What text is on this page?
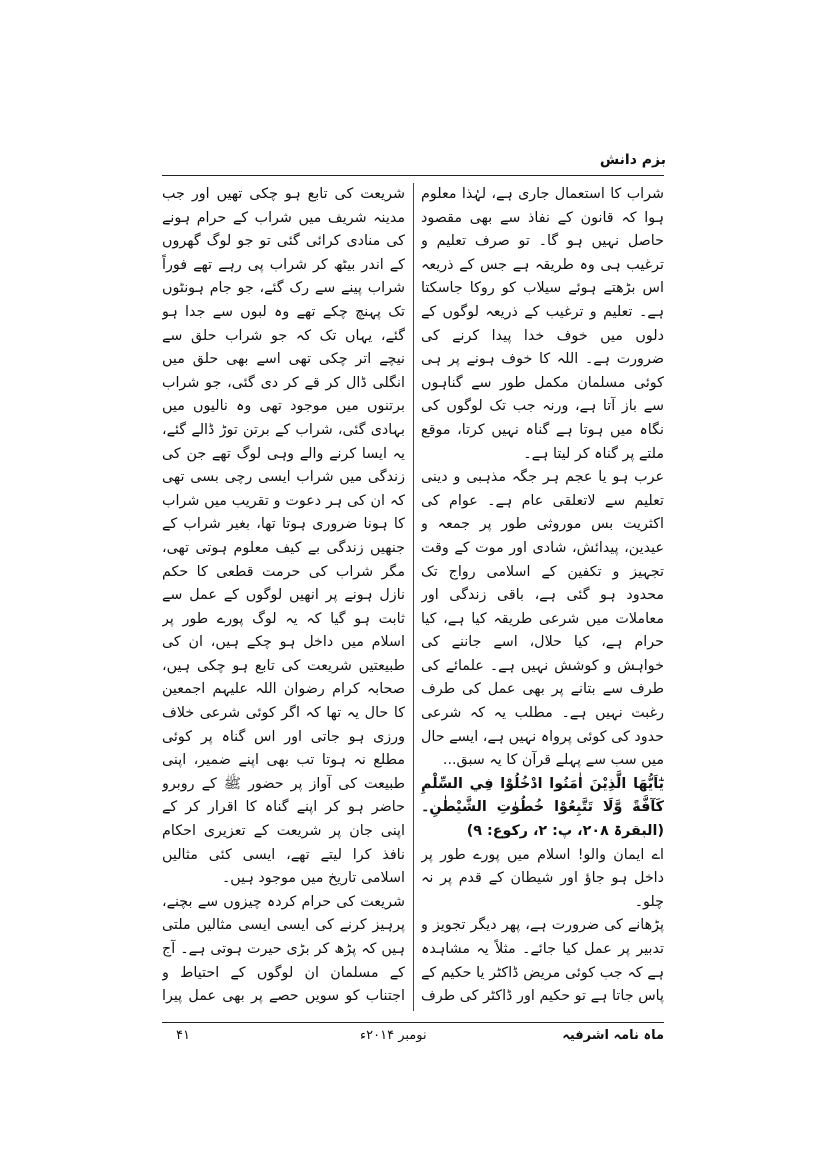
بزم دانش

شراب کا استعمال جاری ہے، لہٰذا معلوم ہوا کہ قانون کے نفاذ سے بھی مقصود حاصل نہیں ہو گا۔ تو صرف تعلیم و ترغیب ہی وہ طریقہ ہے جس کے ذریعہ اس بڑھتے ہوئے سیلاب کو روکا جاسکتا ہے۔ تعلیم و ترغیب کے ذریعہ لوگوں کے دلوں میں خوف خدا پیدا کرنے کی ضرورت ہے۔ اللہ کا خوف ہونے پر ہی کوئی مسلمان مکمل طور سے گناہوں سے باز آتا ہے، ورنہ جب تک لوگوں کی نگاہ میں ہوتا ہے گناہ نہیں کرتا، موقع ملتے پر گناہ کر لیتا ہے۔

عرب ہو یا عجم ہر جگہ مذہبی و دینی تعلیم سے لاتعلقی عام ہے۔ عوام کی اکثریت بس موروثی طور پر جمعہ و عیدین، پیدائش، شادی اور موت کے وقت تجہیز و تکفین کے اسلامی رواج تک محدود ہو گئی ہے، باقی زندگی اور معاملات میں شرعی طریقہ کیا ہے، کیا حرام ہے، کیا حلال، اسے جاننے کی خواہش و کوشش نہیں ہے۔ علمائے کی طرف سے بتانے پر بھی عمل کی طرف رغبت نہیں ہے۔ مطلب یہ کہ شرعی حدود کی کوئی پرواہ نہیں ہے، ایسے حال میں سب سے پہلے قرآن کا یہ سبق...

يٰٓاَيُّهَا الَّذِيْنَ اٰمَنُوا ادْخُلُوْا فِي السِّلْمِ كَآفَّةً وَّلَا تَتَّبِعُوْا خُطُوٰتِ الشَّيْطٰنِ۔ (البقرۃ ۲۰۸، پ: ۲، رکوع: ۹)

اے ایمان والو! اسلام میں پورے طور پر داخل ہو جاؤ اور شیطان کے قدم پر نہ چلو۔

پڑھانے کی ضرورت ہے، پھر دیگر تجویز و تدبیر پر عمل کیا جائے۔ مثلاً یہ مشاہدہ ہے کہ جب کوئی مریض ڈاکٹر یا حکیم کے پاس جاتا ہے تو حکیم اور ڈاکٹر کی طرف

شریعت کی تابع ہو چکی تھیں اور جب مدینہ شریف میں شراب کے حرام ہونے کی منادی کرائی گئی تو جو لوگ گھروں کے اندر بیٹھ کر شراب پی رہے تھے فوراً شراب پینے سے رک گئے، جو جام ہونٹوں تک پہنچ چکے تھے وہ لبوں سے جدا ہو گئے، یہاں تک کہ جو شراب حلق سے نیچے اتر چکی تھی اسے بھی حلق میں انگلی ڈال کر قے کر دی گئی، جو شراب برتنوں میں موجود تھی وہ نالیوں میں بہادی گئی، شراب کے برتن توڑ ڈالے گئے، یہ ایسا کرنے والے وہی لوگ تھے جن کی زندگی میں شراب ایسی رچی بسی تھی کہ ان کی ہر دعوت و تقریب میں شراب کا ہونا ضروری ہوتا تھا، بغیر شراب کے جنھیں زندگی بے کیف معلوم ہوتی تھی، مگر شراب کی حرمت قطعی کا حکم نازل ہونے پر انھیں لوگوں کے عمل سے ثابت ہو گیا کہ یہ لوگ پورے طور پر اسلام میں داخل ہو چکے ہیں، ان کی طبیعتیں شریعت کی تابع ہو چکی ہیں، صحابہ کرام رضوان اللہ علیہم اجمعین کا حال یہ تھا کہ اگر کوئی شرعی خلاف ورزی ہو جاتی اور اس گناہ پر کوئی مطلع نہ ہوتا تب بھی اپنے ضمیر، اپنی طبیعت کی آواز پر حضور ﷺ کے روبرو حاضر ہو کر اپنے گناہ کا اقرار کر کے اپنی جان پر شریعت کے تعزیری احکام نافذ کرا لیتے تھے، ایسی کئی مثالیں اسلامی تاریخ میں موجود ہیں۔

شریعت کی حرام کردہ چیزوں سے بچنے، پرہیز کرنے کی ایسی ایسی مثالیں ملتی ہیں کہ پڑھ کر بڑی حیرت ہوتی ہے۔ آج کے مسلمان ان لوگوں کے احتیاط و اجتناب کو سویں حصے پر بھی عمل پیرا

ماہ نامہ اشرفیہ
نومبر ۲۰۱۴ء
۴۱
